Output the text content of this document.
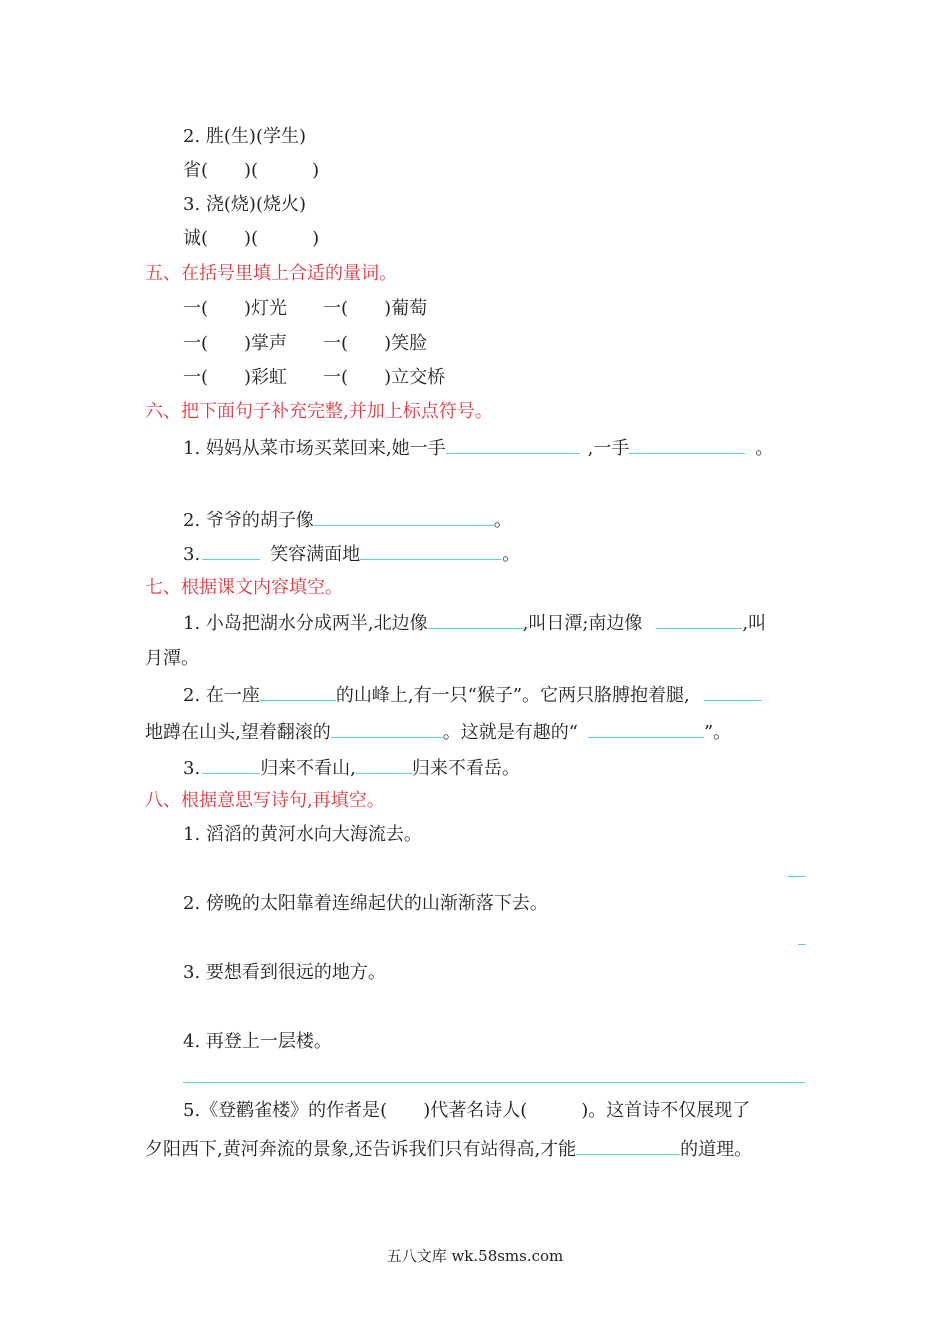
2. 胜(生)(学生)
省(　　)(　　　)
3. 浇(烧)(烧火)
诚(　　)(　　　)
五、在括号里填上合适的量词。
一(　　)灯光　　一(　　)葡萄
一(　　)掌声　　一(　　)笑脸
一(　　)彩虹　　一(　　)立交桥
六、把下面句子补充完整,并加上标点符号。
1. 妈妈从菜市场买菜回来,她一手	,一手	。
2. 爷爷的胡子像	。
3.	笑容满面地	。
七、根据课文内容填空。
1. 小岛把湖水分成两半,北边像	,叫日潭;南边像	,叫
月潭。
2. 在一座	的山峰上,有一只“猴子”。它两只胳膊抱着腿,
地蹲在山头,望着翻滚的	。这就是有趣的“	”。
3.	归来不看山,	归来不看岳。
八、根据意思写诗句,再填空。
1. 滔滔的黄河水向大海流去。
2. 傍晚的太阳靠着连绵起伏的山渐渐落下去。
3. 要想看到很远的地方。
4. 再登上一层楼。
5.《登鹳雀楼》的作者是(　　)代著名诗人(　　　)。这首诗不仅展现了
夕阳西下,黄河奔流的景象,还告诉我们只有站得高,才能	的道理。
五八文库 wk.58sms.com
